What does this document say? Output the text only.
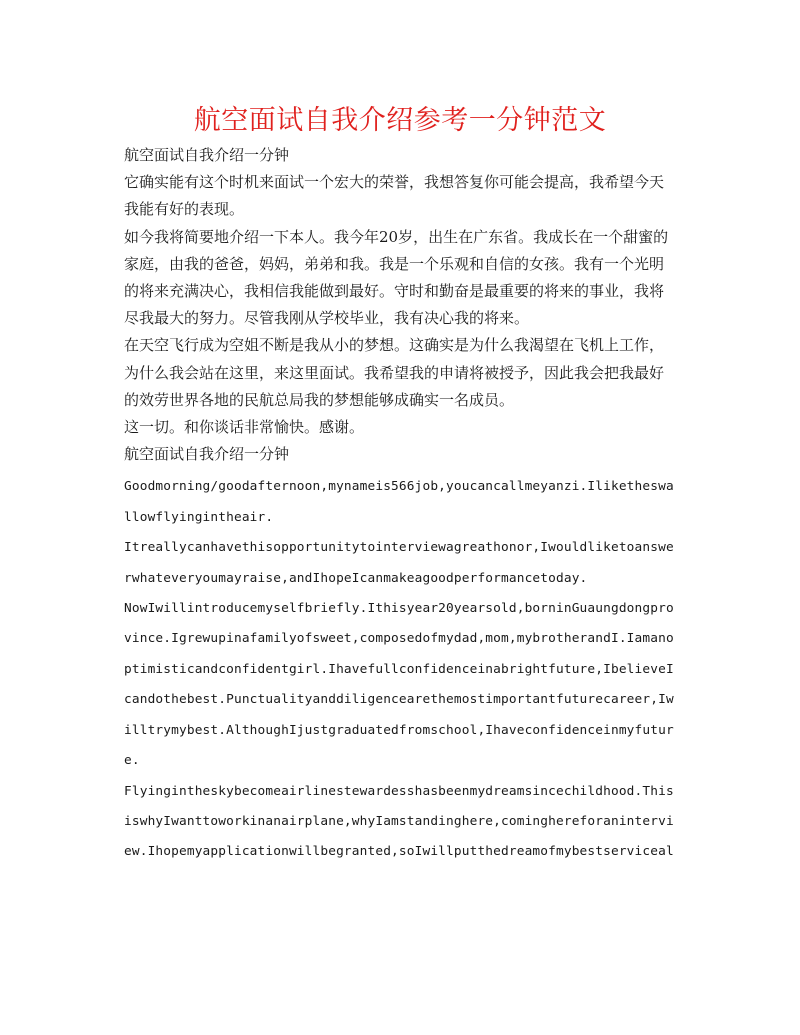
航空面试自我介绍参考一分钟范文

航空面试自我介绍一分钟

它确实能有这个时机来面试一个宏大的荣誉，我想答复你可能会提高，我希望今天我能有好的表现。

如今我将简要地介绍一下本人。我今年20岁，出生在广东省。我成长在一个甜蜜的家庭，由我的爸爸，妈妈，弟弟和我。我是一个乐观和自信的女孩。我有一个光明的将来充满决心，我相信我能做到最好。守时和勤奋是最重要的将来的事业，我将尽我最大的努力。尽管我刚从学校毕业，我有决心我的将来。

在天空飞行成为空姐不断是我从小的梦想。这确实是为什么我渴望在飞机上工作，为什么我会站在这里，来这里面试。我希望我的申请将被授予，因此我会把我最好的效劳世界各地的民航总局我的梦想能够成确实一名成员。

这一切。和你谈话非常愉快。感谢。

航空面试自我介绍一分钟

Goodmorning/goodafternoon,mynameis566job,youcancallmeyanzi.Iliketheswallowflyingintheair.

Itreallycanhavethisopportunitytointerviewagreathonor,Iwouldliketoanswerwhateveryoumayraise,andIhopeIcanmakeagoodperformancetoday.

NowIwillintroducemyselfbriefly.Ithisyear20yearsold,borninGuaungdongprovince.Igrewupinafamilyofsweet,composedofmydad,mom,mybrotherandI.Iamanoptimisticandconfidentgirl.Ihavefullconfidenceinabrightfuture,IbelieveIcandothebest.Punctualityanddiligencearethemostimportantfuturecareer,Iwilltrymybest.AlthoughIjustgraduatedfromschool,Ihaveconfidenceinmyfuture.

Flyingintheskybecomeairlinestewardesshasbeenmydreamsincechildhood.ThisiswhyIwanttoworkinanairplane,whyIamstandinghere,cominghereforaninterview.Ihopemyapplicationwillbegranted,soIwillputthedreamofmybestserviceal
